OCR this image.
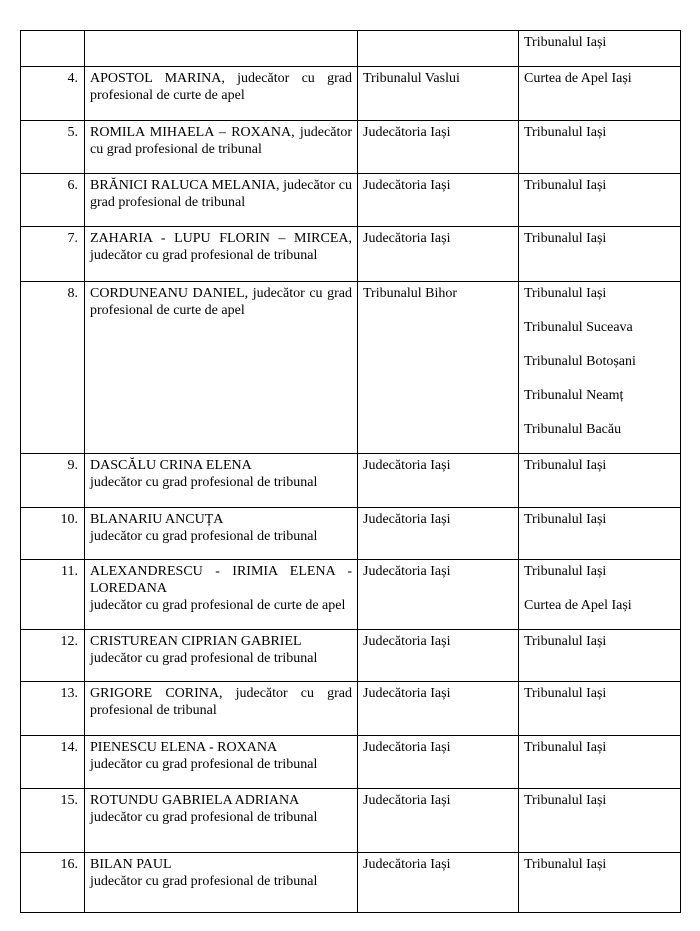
			Tribunalul Iași

4.	APOSTOL MARINA, judecător cu grad profesional de curte de apel	Tribunalul Vaslui	Curtea de Apel Iași

5.	ROMILA MIHAELA – ROXANA, judecător cu grad profesional de tribunal	Judecătoria Iași	Tribunalul Iași

6.	BRĂNICI RALUCA MELANIA, judecător cu grad profesional de tribunal	Judecătoria Iași	Tribunalul Iași

7.	ZAHARIA - LUPU FLORIN – MIRCEA, judecător cu grad profesional de tribunal	Judecătoria Iași	Tribunalul Iași

8.	CORDUNEANU DANIEL, judecător cu grad profesional de curte de apel	Tribunalul Bihor	Tribunalul Iași
Tribunalul Suceava
Tribunalul Botoșani
Tribunalul Neamț
Tribunalul Bacău

9.	DASCĂLU CRINA ELENA
judecător cu grad profesional de tribunal	Judecătoria Iași	Tribunalul Iași

10.	BLANARIU ANCUȚA
judecător cu grad profesional de tribunal	Judecătoria Iași	Tribunalul Iași

11.	ALEXANDRESCU - IRIMIA ELENA - LOREDANA
judecător cu grad profesional de curte de apel	Judecătoria Iași	Tribunalul Iași
Curtea de Apel Iași

12.	CRISTUREAN CIPRIAN GABRIEL
judecător cu grad profesional de tribunal	Judecătoria Iași	Tribunalul Iași

13.	GRIGORE CORINA, judecător cu grad profesional de tribunal	Judecătoria Iași	Tribunalul Iași

14.	PIENESCU ELENA - ROXANA
judecător cu grad profesional de tribunal	Judecătoria Iași	Tribunalul Iași

15.	ROTUNDU GABRIELA ADRIANA
judecător cu grad profesional de tribunal	Judecătoria Iași	Tribunalul Iași

16.	BILAN PAUL
judecător cu grad profesional de tribunal	Judecătoria Iași	Tribunalul Iași
